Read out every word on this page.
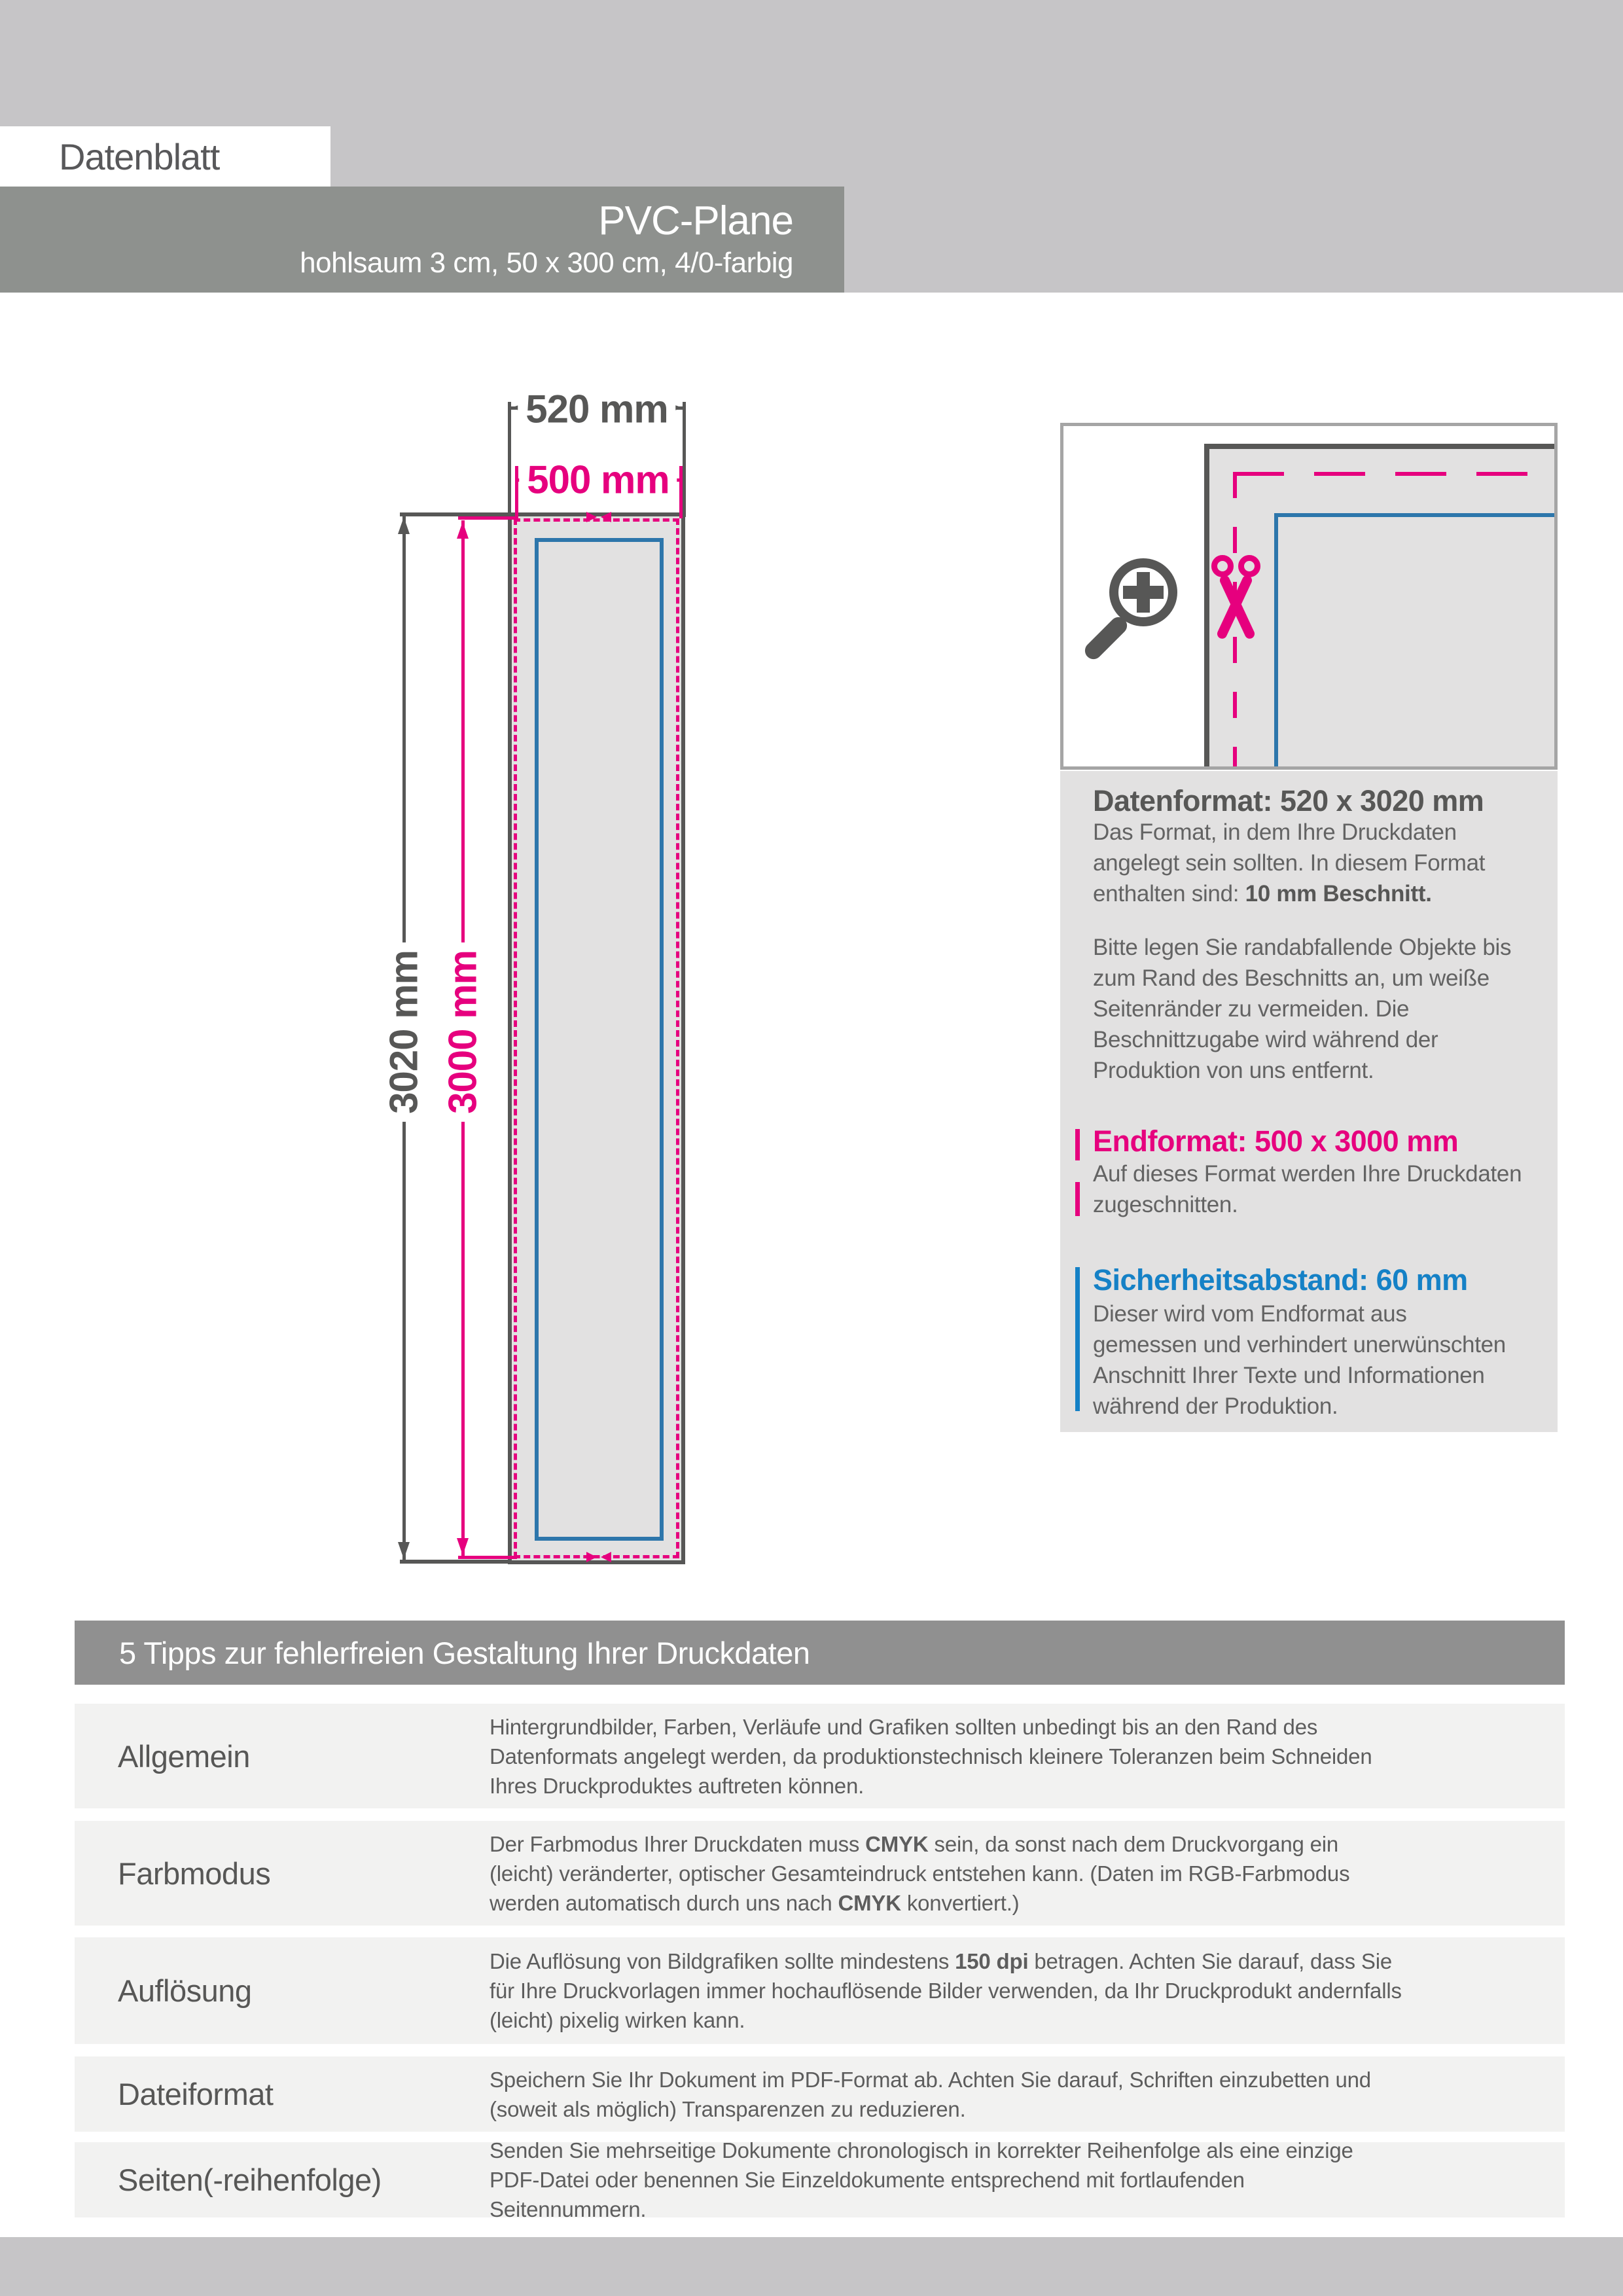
Datenblatt
PVC-Plane
hohlsaum 3 cm, 50 x 300 cm, 4/0-farbig
520 mm
500 mm
3020 mm 3000 mm
Datenformat: 520 x 3020 mm
Das Format, in dem Ihre Druckdaten angelegt sein sollten. In diesem Format enthalten sind: 10 mm Beschnitt.
Bitte legen Sie randabfallende Objekte bis zum Rand des Beschnitts an, um weiße Seitenränder zu vermeiden. Die Beschnittzugabe wird während der Produktion von uns entfernt.
Endformat: 500 x 3000 mm
Auf dieses Format werden Ihre Druckdaten zugeschnitten.
Sicherheitsabstand: 60 mm
Dieser wird vom Endformat aus gemessen und verhindert unerwünschten Anschnitt Ihrer Texte und Informationen während der Produktion.
5 Tipps zur fehlerfreien Gestaltung Ihrer Druckdaten
Allgemein
Hintergrundbilder, Farben, Verläufe und Grafiken sollten unbedingt bis an den Rand des Datenformats angelegt werden, da produktionstechnisch kleinere Toleranzen beim Schneiden Ihres Druckproduktes auftreten können.
Farbmodus
Der Farbmodus Ihrer Druckdaten muss CMYK sein, da sonst nach dem Druckvorgang ein (leicht) veränderter, optischer Gesamteindruck entstehen kann. (Daten im RGB-Farbmodus werden automatisch durch uns nach CMYK konvertiert.)
Auflösung
Die Auflösung von Bildgrafiken sollte mindestens 150 dpi betragen. Achten Sie darauf, dass Sie für Ihre Druckvorlagen immer hochauflösende Bilder verwenden, da Ihr Druckprodukt andernfalls (leicht) pixelig wirken kann.
Dateiformat	Speichern Sie Ihr Dokument im PDF-Format ab. Achten Sie darauf, Schriften einzubetten und (soweit als möglich) Transparenzen zu reduzieren.
Seiten(-reihenfolge)
Senden Sie mehrseitige Dokumente chronologisch in korrekter Reihenfolge als eine einzige PDF-Datei oder benennen Sie Einzeldokumente entsprechend mit fortlaufenden Seitennummern.
